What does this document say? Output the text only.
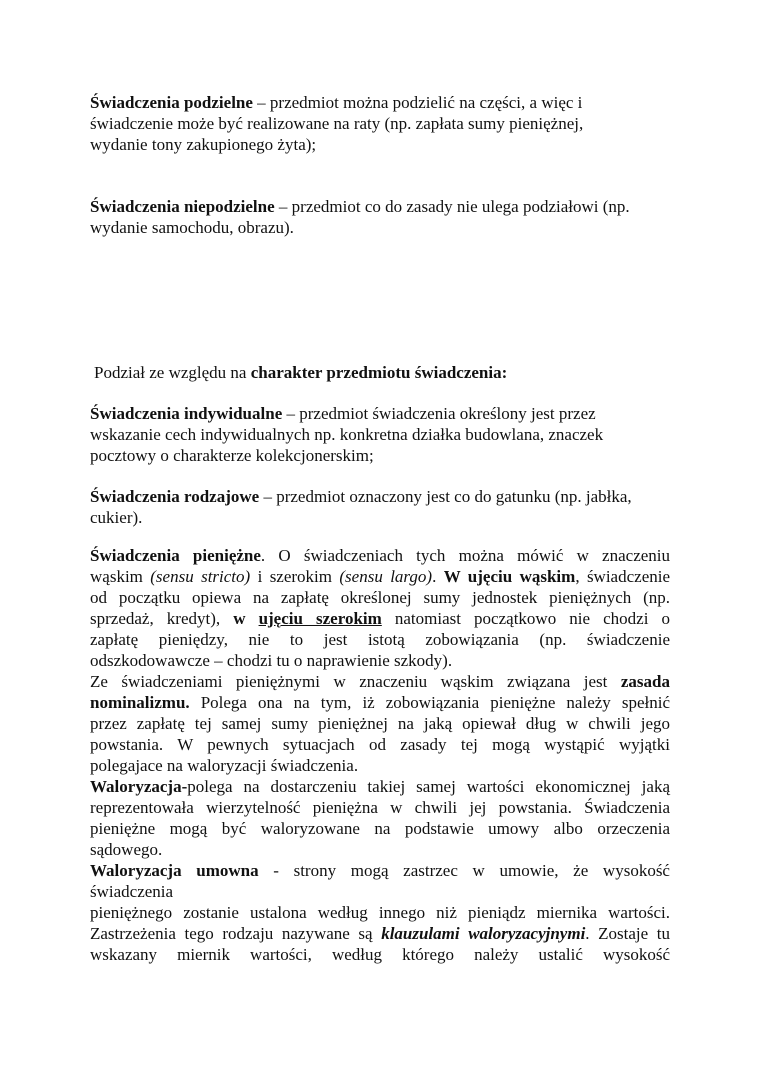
Świadczenia podzielne – przedmiot można podzielić na części, a więc i
świadczenie może być realizowane na raty (np. zapłata sumy pieniężnej,
wydanie tony zakupionego żyta);

Świadczenia niepodzielne – przedmiot co do zasady nie ulega podziałowi (np.
wydanie samochodu, obrazu).

Podział ze względu na charakter przedmiotu świadczenia:

Świadczenia indywidualne – przedmiot świadczenia określony jest przez
wskazanie cech indywidualnych np. konkretna działka budowlana, znaczek
pocztowy o charakterze kolekcjonerskim;

Świadczenia rodzajowe – przedmiot oznaczony jest co do gatunku (np. jabłka,
cukier).

Świadczenia pieniężne. O świadczeniach tych można mówić w znaczeniu
wąskim (sensu stricto) i szerokim (sensu largo). W ujęciu wąskim, świadczenie
od początku opiewa na zapłatę określonej sumy jednostek pieniężnych (np.
sprzedaż, kredyt), w ujęciu szerokim natomiast początkowo nie chodzi o
zapłatę pieniędzy, nie to jest istotą zobowiązania (np. świadczenie
odszkodowawcze – chodzi tu o naprawienie szkody).
Ze świadczeniami pieniężnymi w znaczeniu wąskim związana jest zasada
nominalizmu. Polega ona na tym, iż zobowiązania pieniężne należy spełnić
przez zapłatę tej samej sumy pieniężnej na jaką opiewał dług w chwili jego
powstania. W pewnych sytuacjach od zasady tej mogą wystąpić wyjątki
polegajace na waloryzacji świadczenia.
Waloryzacja-polega na dostarczeniu takiej samej wartości ekonomicznej jaką
reprezentowała wierzytelność pieniężna w chwili jej powstania. Świadczenia
pieniężne mogą być waloryzowane na podstawie umowy albo orzeczenia
sądowego.
Waloryzacja umowna - strony mogą zastrzec w umowie, że wysokość
świadczenia
pieniężnego zostanie ustalona według innego niż pieniądz miernika wartości.
Zastrzeżenia tego rodzaju nazywane są klauzulami waloryzacyjnymi. Zostaje tu
wskazany miernik wartości, według którego należy ustalić wysokość
